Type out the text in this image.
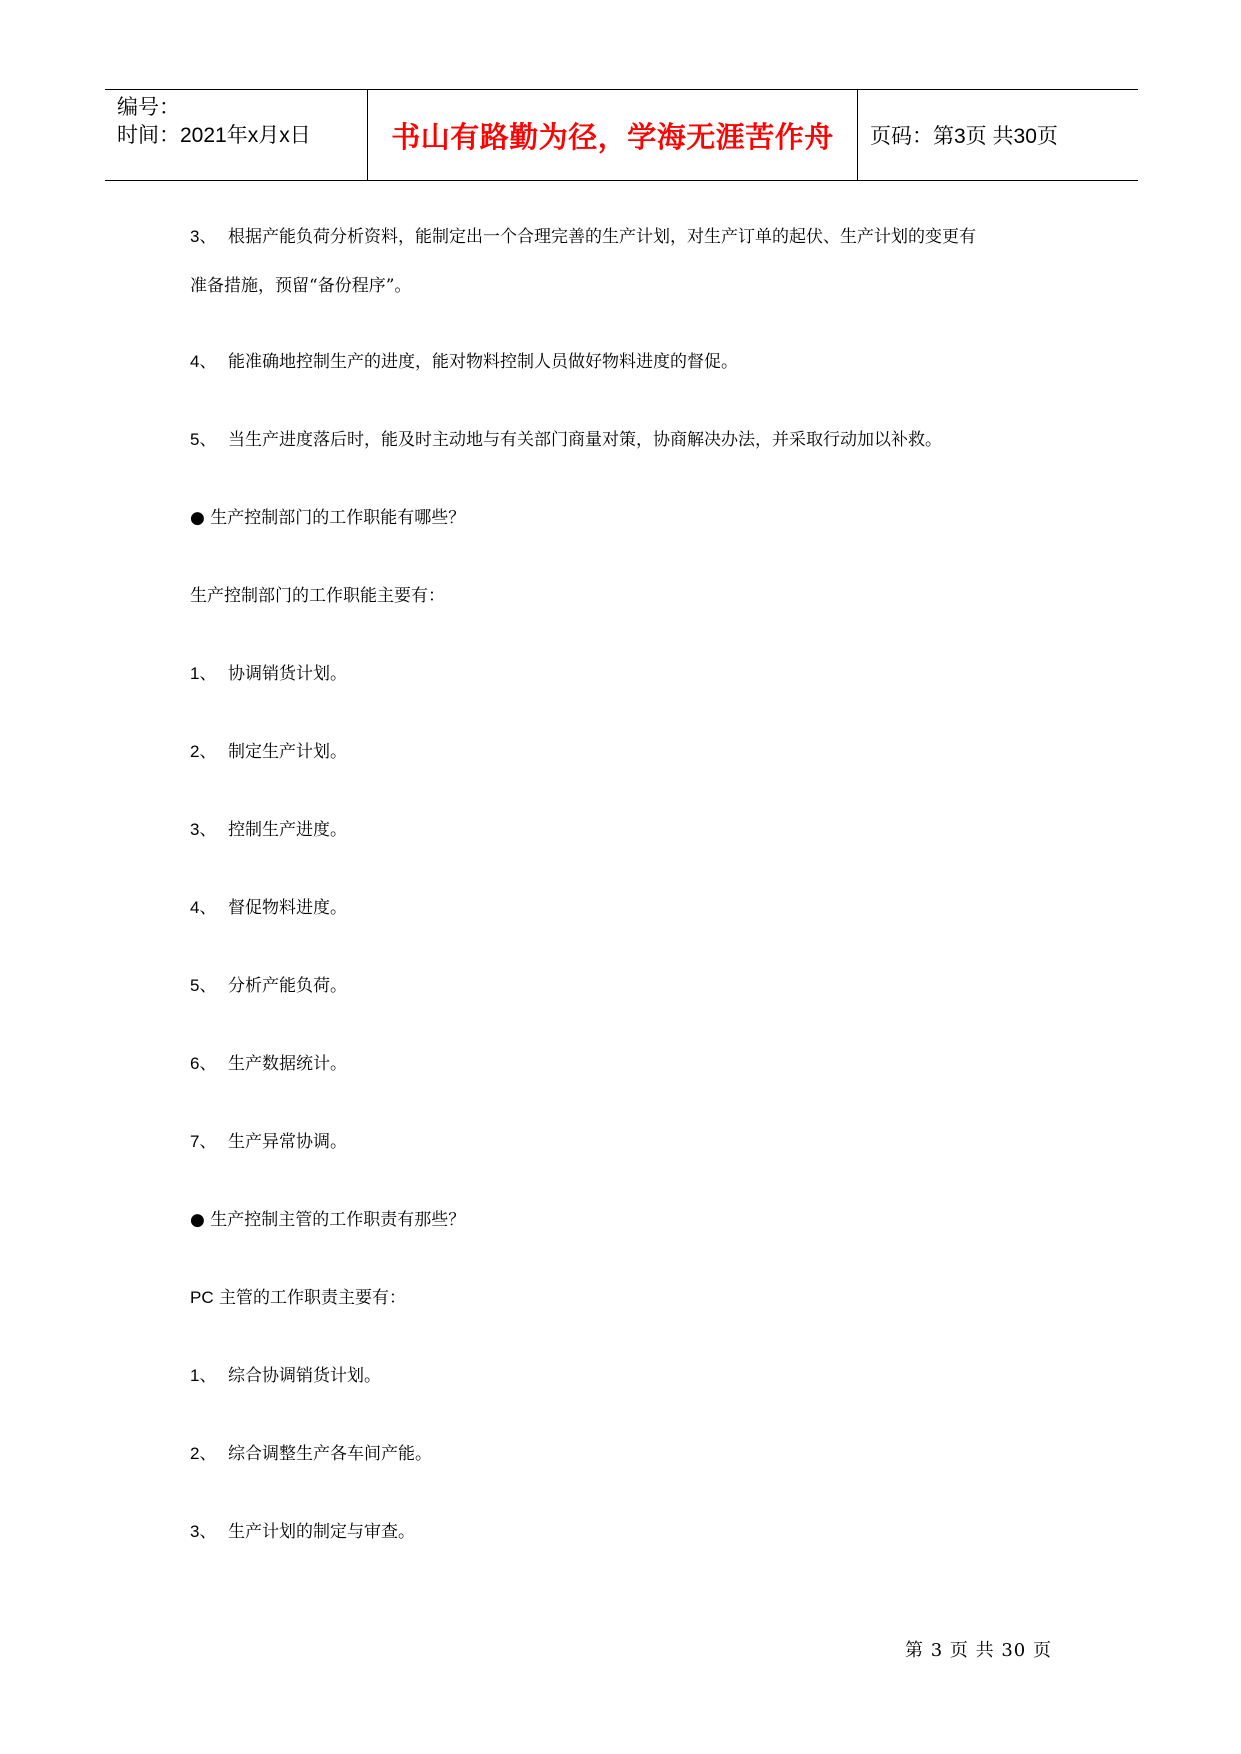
编号：
时间：2021年x月x日	书山有路勤为径，学海无涯苦作舟	页码：第3页 共30页
3、 根据产能负荷分析资料，能制定出一个合理完善的生产计划，对生产订单的起伏、生产计划的变更有
准备措施，预留“备份程序”。
4、 能准确地控制生产的进度，能对物料控制人员做好物料进度的督促。
5、 当生产进度落后时，能及时主动地与有关部门商量对策，协商解决办法，并采取行动加以补救。
● 生产控制部门的工作职能有哪些？
生产控制部门的工作职能主要有：
1、 协调销货计划。
2、 制定生产计划。
3、 控制生产进度。
4、 督促物料进度。
5、 分析产能负荷。
6、 生产数据统计。
7、 生产异常协调。
● 生产控制主管的工作职责有那些？
PC 主管的工作职责主要有：
1、 综合协调销货计划。
2、 综合调整生产各车间产能。
3、 生产计划的制定与审查。
第 3 页 共 30 页
